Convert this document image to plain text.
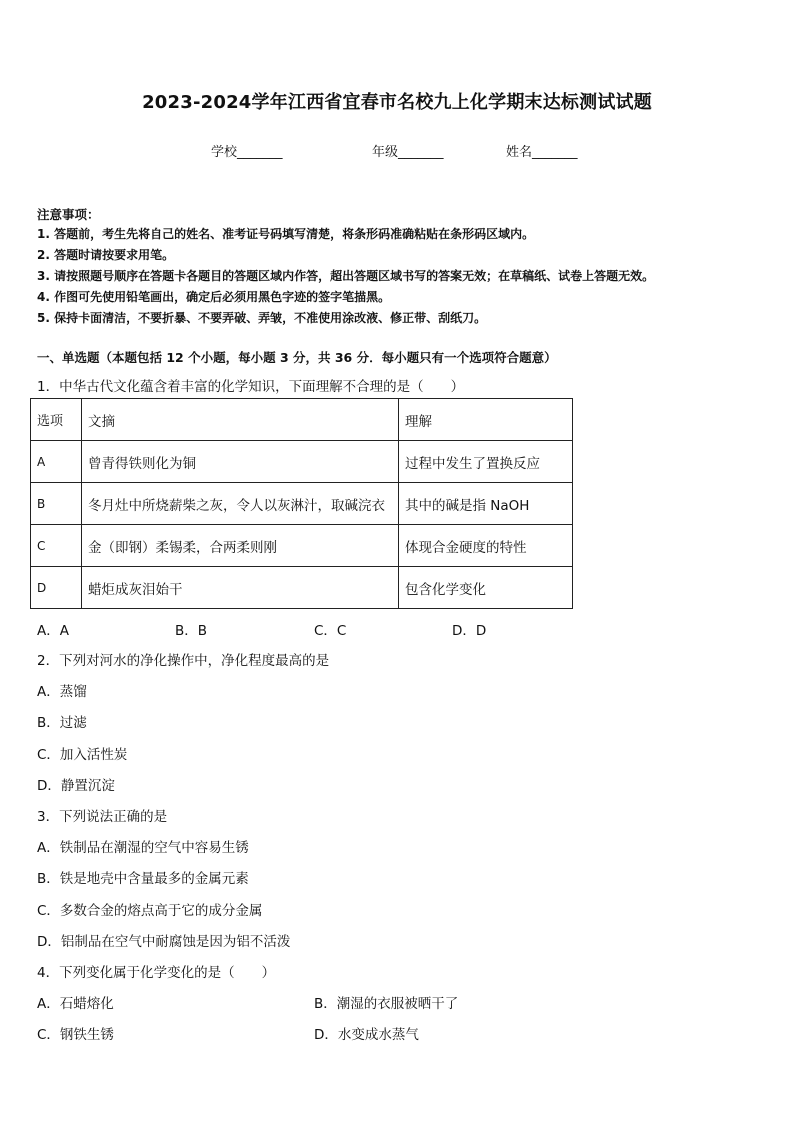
2023-2024学年江西省宜春市名校九上化学期末达标测试试题
学校_______	年级_______	姓名_______
注意事项：
1. 答题前，考生先将自己的姓名、准考证号码填写清楚，将条形码准确粘贴在条形码区域内。
2. 答题时请按要求用笔。
3. 请按照题号顺序在答题卡各题目的答题区域内作答，超出答题区域书写的答案无效；在草稿纸、试卷上答题无效。
4. 作图可先使用铅笔画出，确定后必须用黑色字迹的签字笔描黑。
5. 保持卡面清洁，不要折暴、不要弄破、弄皱，不准使用涂改液、修正带、刮纸刀。
一、单选题（本题包括 12 个小题，每小题 3 分，共 36 分．每小题只有一个选项符合题意）
1．中华古代文化蕴含着丰富的化学知识，下面理解不合理的是（　　）
选项	文摘	理解
A	曾青得铁则化为铜	过程中发生了置换反应
B	冬月灶中所烧薪柴之灰，令人以灰淋汁，取碱浣衣	其中的碱是指 NaOH
C	金（即钢）柔锡柔，合两柔则刚	体现合金硬度的特性
D	蜡炬成灰泪始干	包含化学变化
A．A	B．B	C．C	D．D
2．下列对河水的净化操作中，净化程度最高的是
A．蒸馏
B．过滤
C．加入活性炭
D．静置沉淀
3．下列说法正确的是
A．铁制品在潮湿的空气中容易生锈
B．铁是地壳中含量最多的金属元素
C．多数合金的熔点高于它的成分金属
D．铝制品在空气中耐腐蚀是因为铝不活泼
4．下列变化属于化学变化的是（　　）
A．石蜡熔化	B．潮湿的衣服被晒干了
C．钢铁生锈	D．水变成水蒸气
